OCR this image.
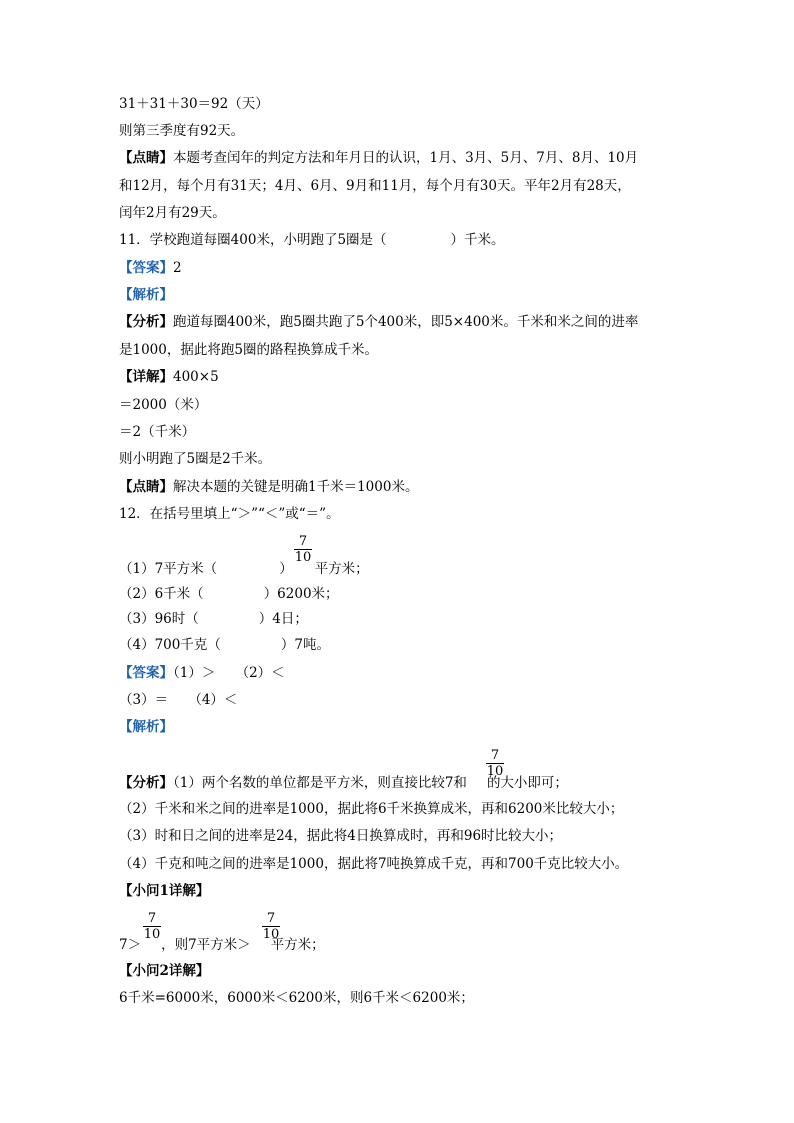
31＋31＋30＝92（天）
则第三季度有92天。
【点睛】本题考查闰年的判定方法和年月日的认识，1月、3月、5月、7月、8月、10月
和12月，每个月有31天；4月、6月、9月和11月，每个月有30天。平年2月有28天，
闰年2月有29天。
11．学校跑道每圈400米，小明跑了5圈是（	）千米。
【答案】2
【解析】
【分析】跑道每圈400米，跑5圈共跑了5个400米，即5×400米。千米和米之间的进率
是1000，据此将跑5圈的路程换算成千米。
【详解】400×5
＝2000（米）
＝2（千米）
则小明跑了5圈是2千米。
【点睛】解决本题的关键是明确1千米＝1000米。
12．在括号里填上“＞”“＜”或“＝”。
$\frac{7}{10}$
（1）7平方米（	） 平方米；
（2）6千米（	）6200米；
（3）96时（	）4日；
（4）700千克（	）7吨。
【答案】（1）＞　　（2）＜
（3）＝　　（4）＜
【解析】
$\frac{7}{10}$
【分析】（1）两个名数的单位都是平方米，则直接比较7和 的大小即可；
（2）千米和米之间的进率是1000，据此将6千米换算成米，再和6200米比较大小；
（3）时和日之间的进率是24，据此将4日换算成时，再和96时比较大小；
（4）千克和吨之间的进率是1000，据此将7吨换算成千克，再和700千克比较大小。
【小问1详解】
$\frac{7}{10}$	$\frac{7}{10}$
7＞ ，则7平方米＞ 平方米；
【小问2详解】
6千米=6000米，6000米＜6200米，则6千米＜6200米；
